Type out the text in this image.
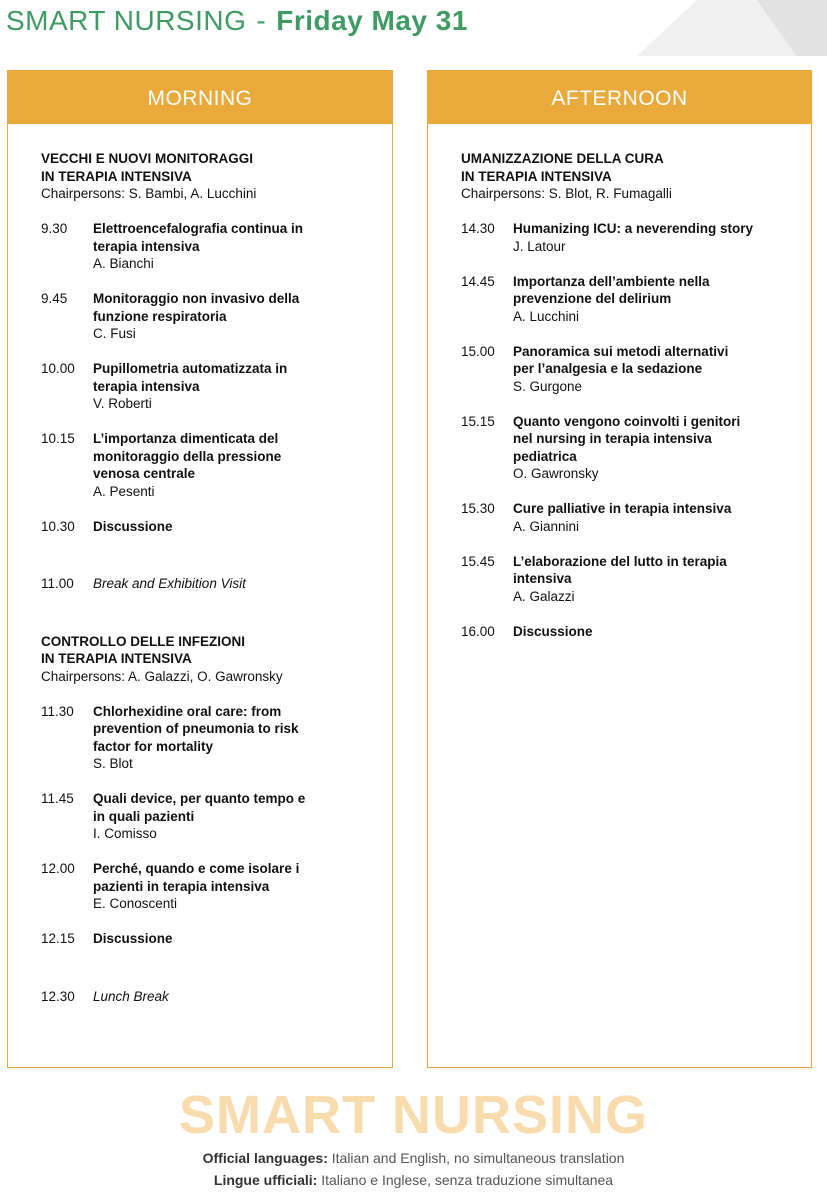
SMART NURSING - Friday May 31
MORNING
VECCHI E NUOVI MONITORAGGI
IN TERAPIA INTENSIVA
Chairpersons: S. Bambi, A. Lucchini
9.30	Elettroencefalografia continua in terapia intensiva
A. Bianchi
9.45	Monitoraggio non invasivo della funzione respiratoria
C. Fusi
10.00	Pupillometria automatizzata in terapia intensiva
V. Roberti
10.15	L’importanza dimenticata del monitoraggio della pressione venosa centrale
A. Pesenti
10.30	Discussione
11.00	Break and Exhibition Visit
CONTROLLO DELLE INFEZIONI
IN TERAPIA INTENSIVA
Chairpersons: A. Galazzi, O. Gawronsky
11.30	Chlorhexidine oral care: from prevention of pneumonia to risk factor for mortality
S. Blot
11.45	Quali device, per quanto tempo e in quali pazienti
I. Comisso
12.00	Perché, quando e come isolare i pazienti in terapia intensiva
E. Conoscenti
12.15	Discussione
12.30	Lunch Break
AFTERNOON
UMANIZZAZIONE DELLA CURA
IN TERAPIA INTENSIVA
Chairpersons: S. Blot, R. Fumagalli
14.30	Humanizing ICU: a neverending story
J. Latour
14.45	Importanza dell’ambiente nella prevenzione del delirium
A. Lucchini
15.00	Panoramica sui metodi alternativi per l’analgesia e la sedazione
S. Gurgone
15.15	Quanto vengono coinvolti i genitori nel nursing in terapia intensiva pediatrica
O. Gawronsky
15.30	Cure palliative in terapia intensiva
A. Giannini
15.45	L’elaborazione del lutto in terapia intensiva
A. Galazzi
16.00	Discussione
SMART NURSING
Official languages: Italian and English, no simultaneous translation
Lingue ufficiali: Italiano e Inglese, senza traduzione simultanea
